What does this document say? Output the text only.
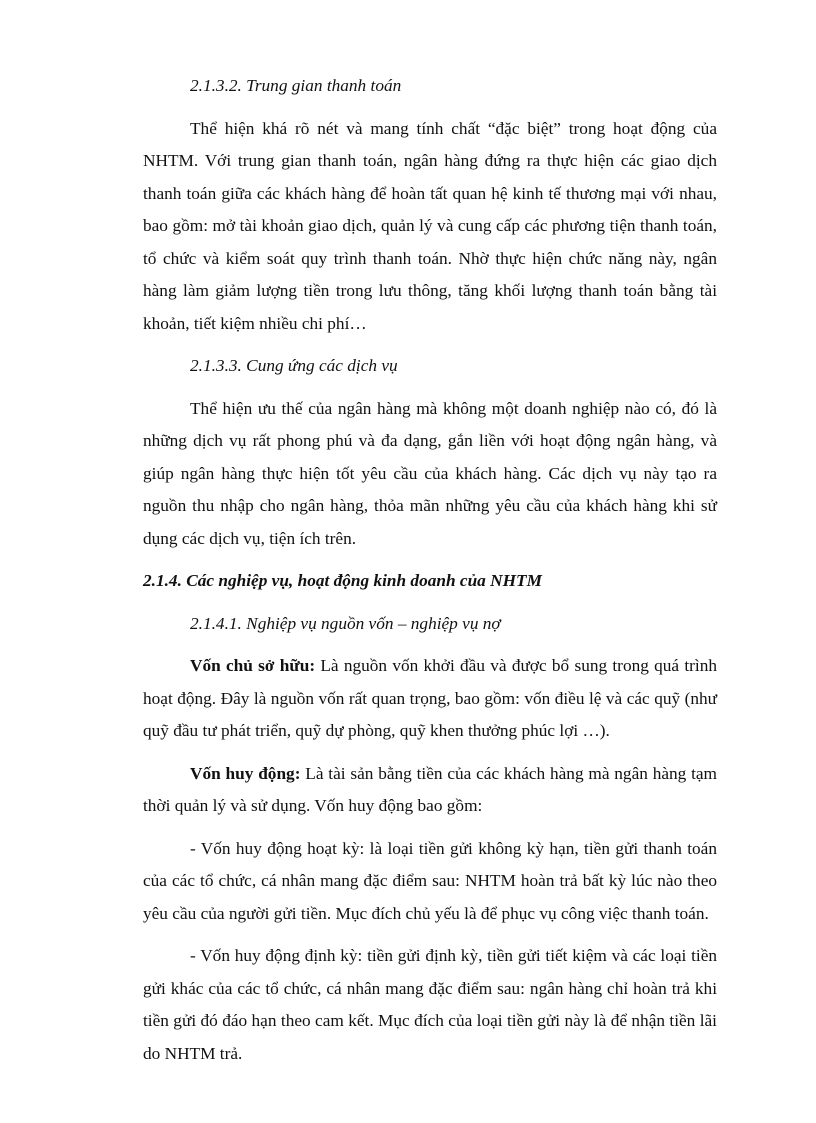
2.1.3.2. Trung gian thanh toán

Thể hiện khá rõ nét và mang tính chất “đặc biệt” trong hoạt động của NHTM. Với trung gian thanh toán, ngân hàng đứng ra thực hiện các giao dịch thanh toán giữa các khách hàng để hoàn tất quan hệ kinh tế thương mại với nhau, bao gồm: mở tài khoản giao dịch, quản lý và cung cấp các phương tiện thanh toán, tổ chức và kiểm soát quy trình thanh toán. Nhờ thực hiện chức năng này, ngân hàng làm giảm lượng tiền trong lưu thông, tăng khối lượng thanh toán bằng tài khoản, tiết kiệm nhiều chi phí…

2.1.3.3. Cung ứng các dịch vụ

Thể hiện ưu thế của ngân hàng mà không một doanh nghiệp nào có, đó là những dịch vụ rất phong phú và đa dạng, gắn liền với hoạt động ngân hàng, và giúp ngân hàng thực hiện tốt yêu cầu của khách hàng. Các dịch vụ này tạo ra nguồn thu nhập cho ngân hàng, thỏa mãn những yêu cầu của khách hàng khi sử dụng các dịch vụ, tiện ích trên.

2.1.4. Các nghiệp vụ, hoạt động kinh doanh của NHTM

2.1.4.1. Nghiệp vụ nguồn vốn – nghiệp vụ nợ

Vốn chủ sở hữu: Là nguồn vốn khởi đầu và được bổ sung trong quá trình hoạt động. Đây là nguồn vốn rất quan trọng, bao gồm: vốn điều lệ và các quỹ (như quỹ đầu tư phát triển, quỹ dự phòng, quỹ khen thưởng phúc lợi …).

Vốn huy động: Là tài sản bằng tiền của các khách hàng mà ngân hàng tạm thời quản lý và sử dụng. Vốn huy động bao gồm:

- Vốn huy động hoạt kỳ: là loại tiền gửi không kỳ hạn, tiền gửi thanh toán của các tổ chức, cá nhân mang đặc điểm sau: NHTM hoàn trả bất kỳ lúc nào theo yêu cầu của người gửi tiền. Mục đích chủ yếu là để phục vụ công việc thanh toán.

- Vốn huy động định kỳ: tiền gửi định kỳ, tiền gửi tiết kiệm và các loại tiền gửi khác của các tổ chức, cá nhân mang đặc điểm sau: ngân hàng chỉ hoàn trả khi tiền gửi đó đáo hạn theo cam kết. Mục đích của loại tiền gửi này là để nhận tiền lãi do NHTM trả.
